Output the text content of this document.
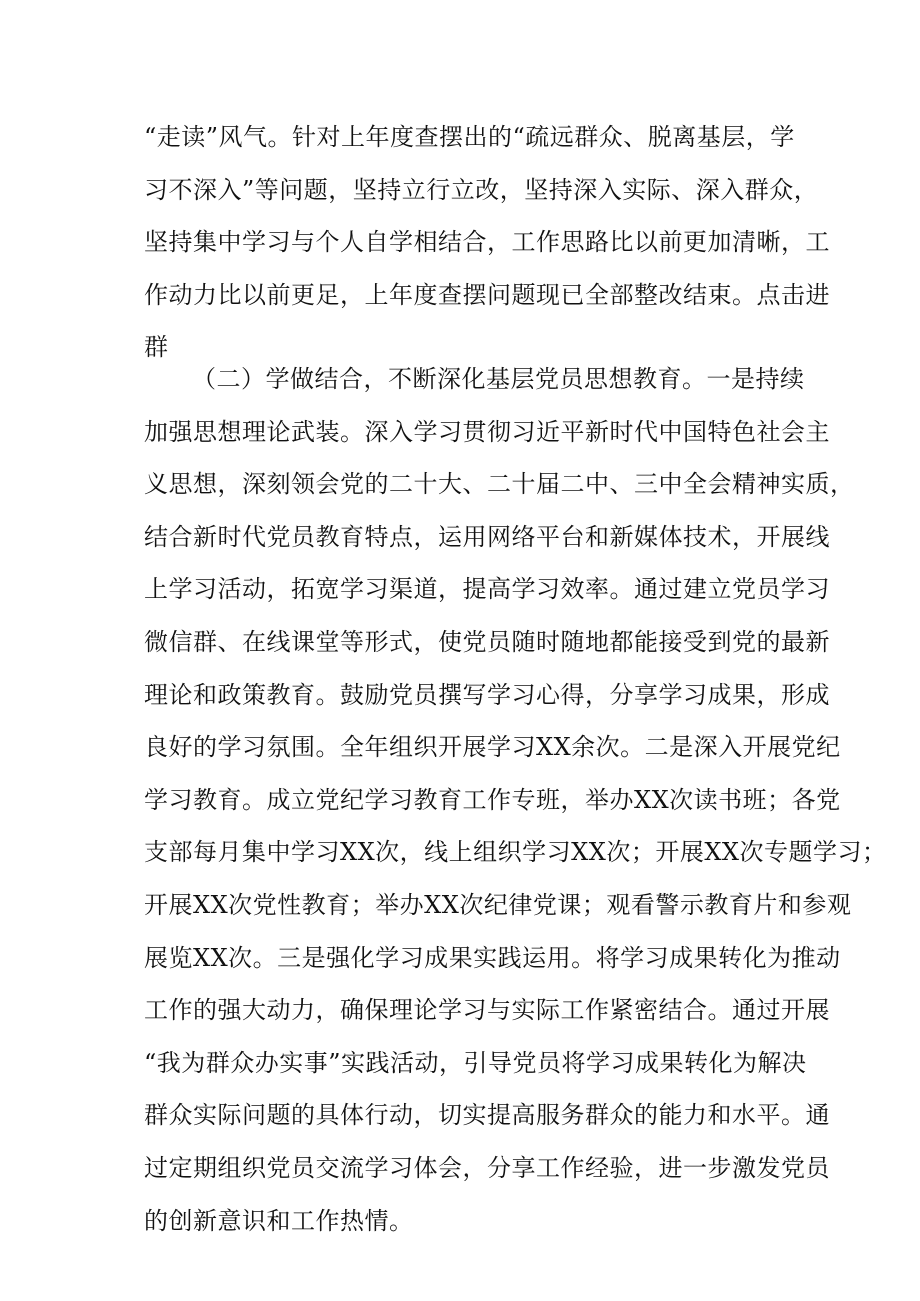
“走读”风气。针对上年度查摆出的“疏远群众、脱离基层，学
习不深入”等问题，坚持立行立改，坚持深入实际、深入群众，
坚持集中学习与个人自学相结合，工作思路比以前更加清晰，工
作动力比以前更足，上年度查摆问题现已全部整改结束。点击进
群
（二）学做结合，不断深化基层党员思想教育。一是持续
加强思想理论武装。深入学习贯彻习近平新时代中国特色社会主
义思想，深刻领会党的二十大、二十届二中、三中全会精神实质，
结合新时代党员教育特点，运用网络平台和新媒体技术，开展线
上学习活动，拓宽学习渠道，提高学习效率。通过建立党员学习
微信群、在线课堂等形式，使党员随时随地都能接受到党的最新
理论和政策教育。鼓励党员撰写学习心得，分享学习成果，形成
良好的学习氛围。全年组织开展学习XX余次。二是深入开展党纪
学习教育。成立党纪学习教育工作专班，举办XX次读书班；各党
支部每月集中学习XX次，线上组织学习XX次；开展XX次专题学习；
开展XX次党性教育；举办XX次纪律党课；观看警示教育片和参观
展览XX次。三是强化学习成果实践运用。将学习成果转化为推动
工作的强大动力，确保理论学习与实际工作紧密结合。通过开展
“我为群众办实事”实践活动，引导党员将学习成果转化为解决
群众实际问题的具体行动，切实提高服务群众的能力和水平。通
过定期组织党员交流学习体会，分享工作经验，进一步激发党员
的创新意识和工作热情。
